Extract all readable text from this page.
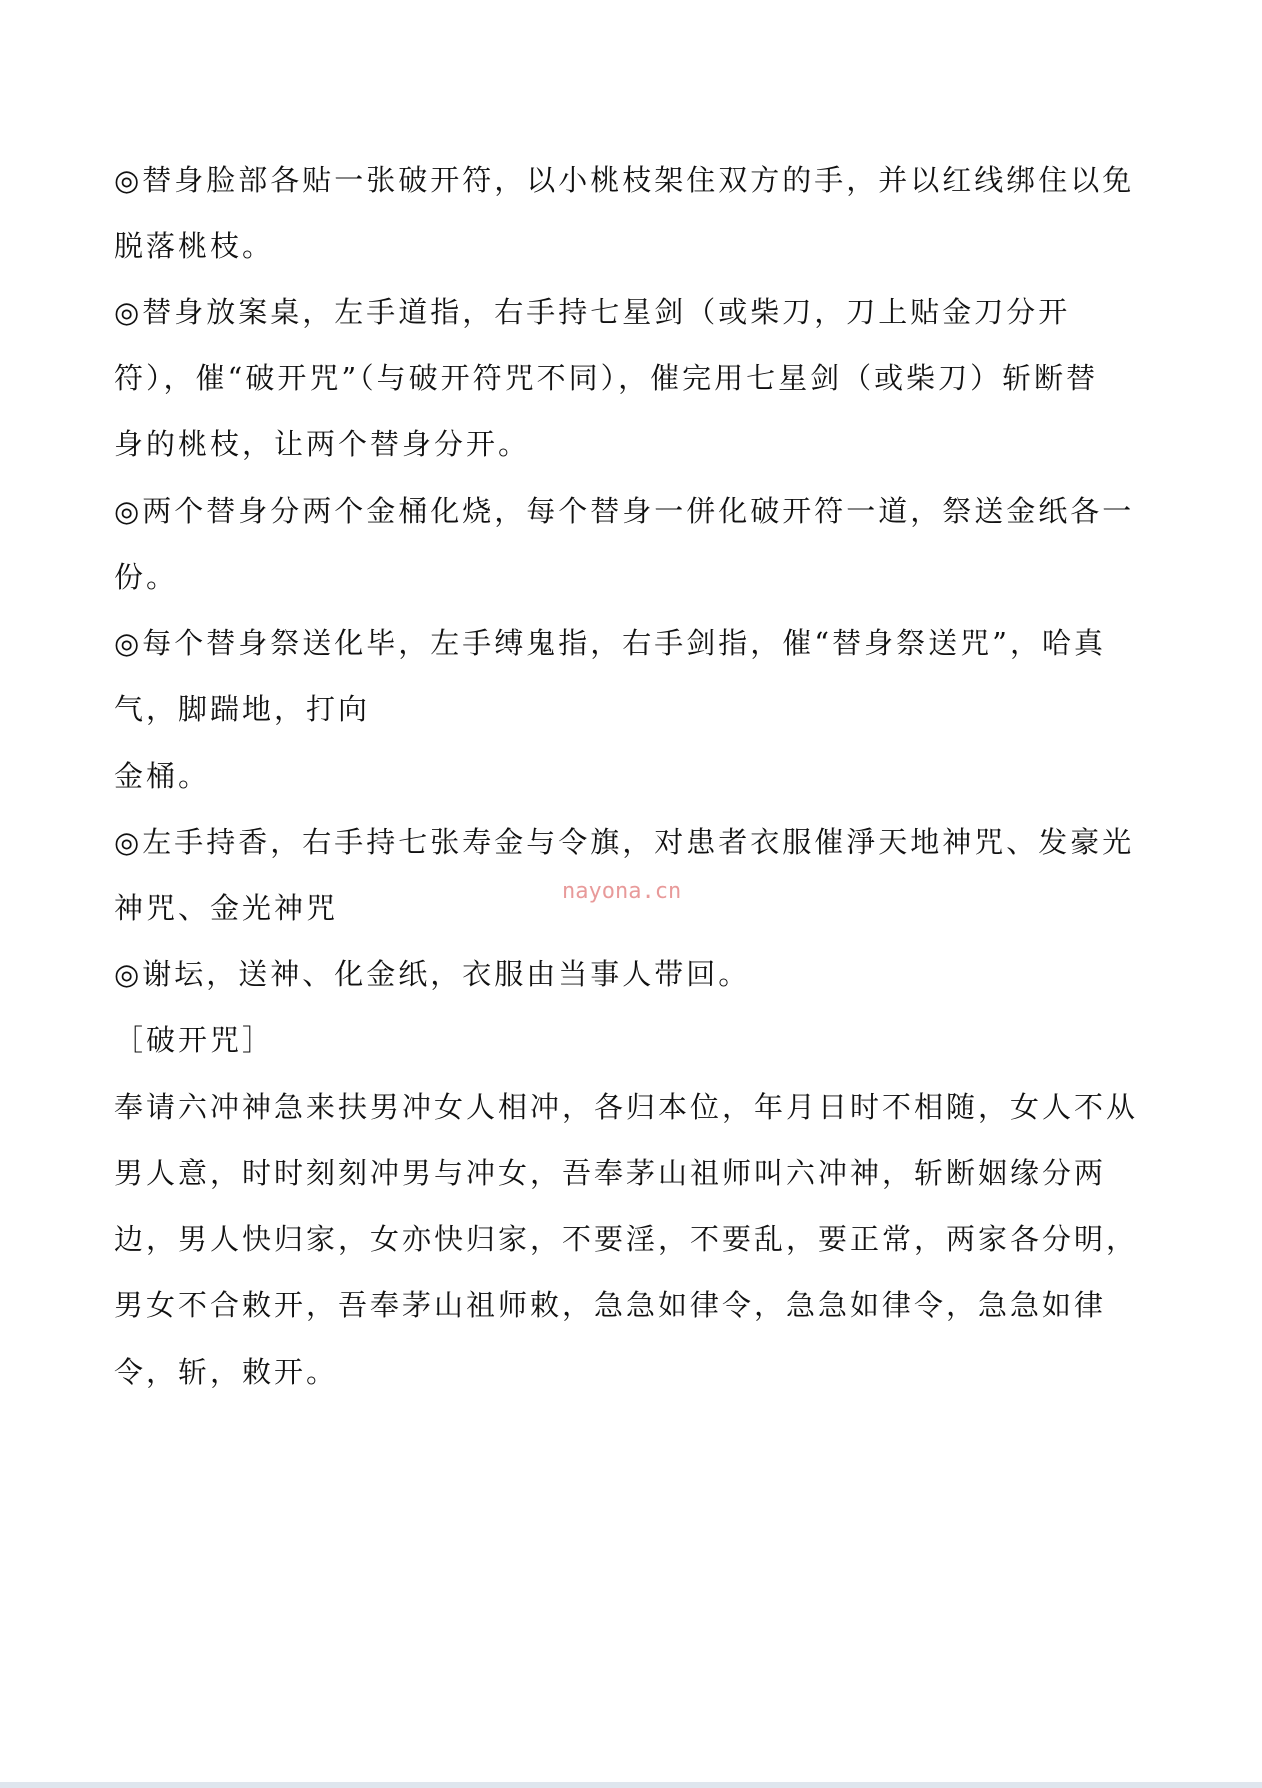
◎替身脸部各贴一张破开符，以小桃枝架住双方的手，并以红线绑住以免
脱落桃枝。
◎替身放案桌，左手道指，右手持七星剑（或柴刀，刀上贴金刀分开
符），催“破开咒”（与破开符咒不同），催完用七星剑（或柴刀）斩断替
身的桃枝，让两个替身分开。
◎两个替身分两个金桶化烧，每个替身一併化破开符一道，祭送金纸各一
份。
◎每个替身祭送化毕，左手缚鬼指，右手剑指，催“替身祭送咒”，哈真
气，脚踹地，打向
金桶。
◎左手持香，右手持七张寿金与令旗，对患者衣服催淨天地神咒、发豪光
神咒、金光神咒
◎谢坛，送神、化金纸，衣服由当事人带回。
［破开咒］
奉请六冲神急来扶男冲女人相冲，各归本位，年月日时不相随，女人不从
男人意，时时刻刻冲男与冲女，吾奉茅山祖师叫六冲神，斩断姻缘分两
边，男人快归家，女亦快归家，不要淫，不要乱，要正常，两家各分明，
男女不合敕开，吾奉茅山祖师敕，急急如律令，急急如律令，急急如律
令，斩，敕开。
nayona.cn
